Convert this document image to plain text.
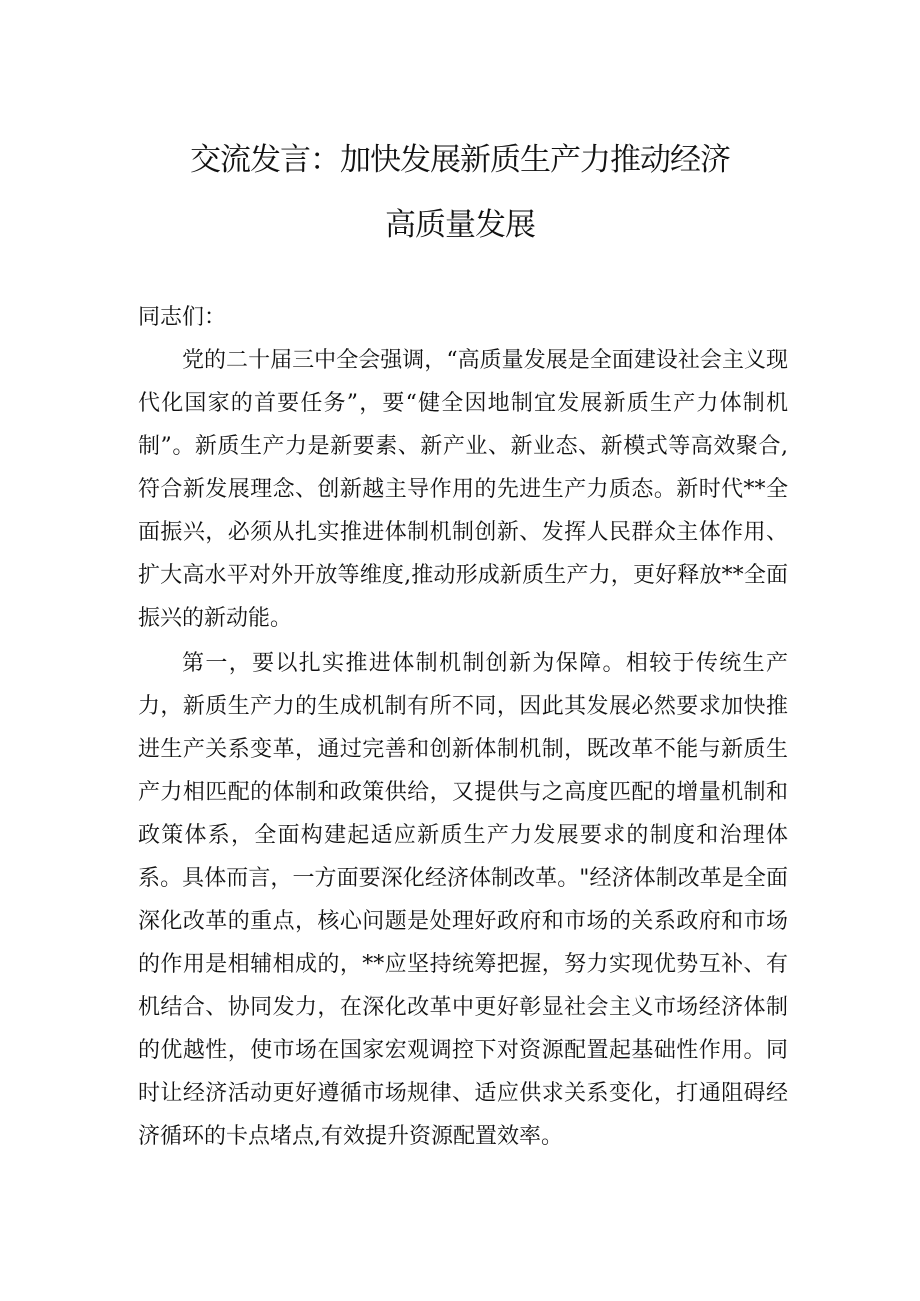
交流发言：加快发展新质生产力推动经济
高质量发展
同志们：

党的二十届三中全会强调，“高质量发展是全面建设社会主义现代化国家的首要任务”，要“健全因地制宜发展新质生产力体制机制”。新质生产力是新要素、新产业、新业态、新模式等高效聚合,符合新发展理念、创新越主导作用的先进生产力质态。新时代**全面振兴，必须从扎实推进体制机制创新、发挥人民群众主体作用、扩大高水平对外开放等维度,推动形成新质生产力，更好释放**全面振兴的新动能。

第一，要以扎实推进体制机制创新为保障。相较于传统生产力，新质生产力的生成机制有所不同，因此其发展必然要求加快推进生产关系变革，通过完善和创新体制机制，既改革不能与新质生产力相匹配的体制和政策供给，又提供与之高度匹配的增量机制和政策体系，全面构建起适应新质生产力发展要求的制度和治理体系。具体而言，一方面要深化经济体制改革。"经济体制改革是全面深化改革的重点，核心问题是处理好政府和市场的关系政府和市场的作用是相辅相成的，**应坚持统筹把握，努力实现优势互补、有机结合、协同发力，在深化改革中更好彰显社会主义市场经济体制的优越性，使市场在国家宏观调控下对资源配置起基础性作用。同时让经济活动更好遵循市场规律、适应供求关系变化，打通阻碍经济循环的卡点堵点,有效提升资源配置效率。
